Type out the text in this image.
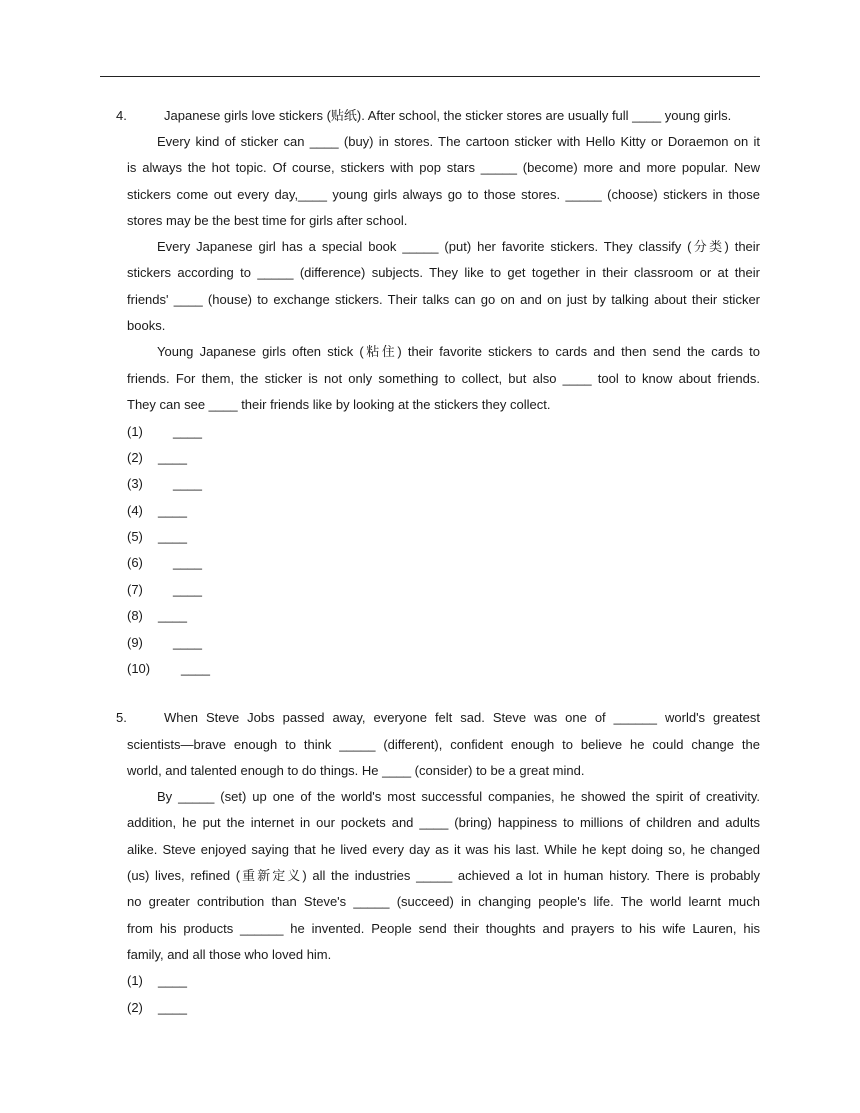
4.	Japanese girls love stickers (贴纸). After school, the sticker stores are usually full ____ young girls.
Every kind of sticker can ____ (buy) in stores. The cartoon sticker with Hello Kitty or Doraemon on it
is always the hot topic. Of course, stickers with pop stars _____ (become) more and more popular. New
stickers come out every day,____ young girls always go to those stores. _____ (choose) stickers in those
stores may be the best time for girls after school.
Every Japanese girl has a special book _____ (put) her favorite stickers. They classify (分类) their
stickers according to _____ (difference) subjects. They like to get together in their classroom or at their
friends' ____ (house) to exchange stickers. Their talks can go on and on just by talking about their sticker
books.
Young Japanese girls often stick (粘住) their favorite stickers to cards and then send the cards to
friends. For them, the sticker is not only something to collect, but also ____ tool to know about friends.
They can see ____ their friends like by looking at the stickers they collect.
(1) ____
(2) ____
(3) ____
(4) ____
(5) ____
(6) ____
(7) ____
(8) ____
(9) ____
(10) ____
5.	When Steve Jobs passed away, everyone felt sad. Steve was one of ______ world's greatest
scientists—brave enough to think _____ (different), confident enough to believe he could change the
world, and talented enough to do things. He ____ (consider) to be a great mind.
By _____ (set) up one of the world's most successful companies, he showed the spirit of creativity.
addition, he put the internet in our pockets and ____ (bring) happiness to millions of children and adults
alike. Steve enjoyed saying that he lived every day as it was his last. While he kept doing so, he changed
(us) lives, refined (重新定义) all the industries _____ achieved a lot in human history. There is probably
no greater contribution than Steve's _____ (succeed) in changing people's life. The world learnt much
from his products ______ he invented. People send their thoughts and prayers to his wife Lauren, his
family, and all those who loved him.
(1) ____
(2) ____
